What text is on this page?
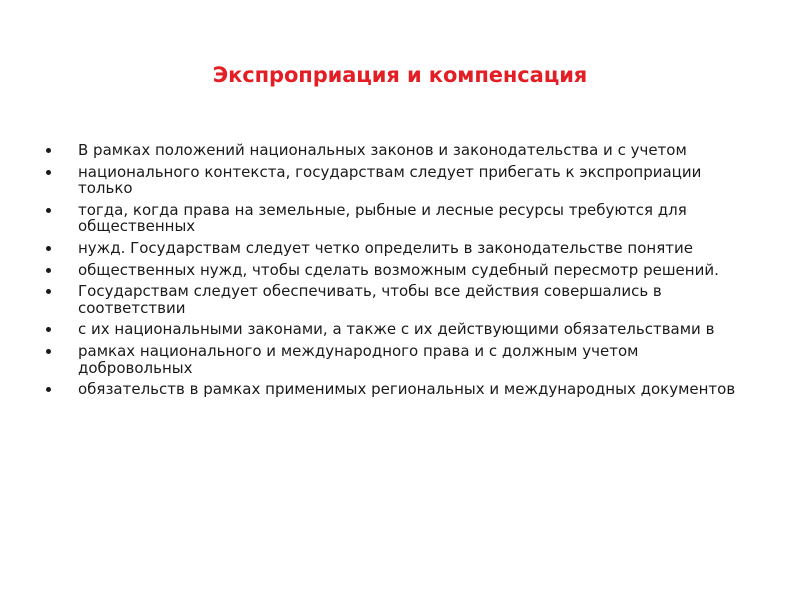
Экспроприация и компенсация
В рамках положений национальных законов и законодательства и с учетом
национального контекста, государствам следует прибегать к экспроприации только
тогда, когда права на земельные, рыбные и лесные ресурсы требуются для общественных
нужд. Государствам следует четко определить в законодательстве понятие
общественных нужд, чтобы сделать возможным судебный пересмотр решений.
Государствам следует обеспечивать, чтобы все действия совершались в соответствии
с их национальными законами, а также с их действующими обязательствами в
рамках национального и международного права и с должным учетом добровольных
обязательств в рамках применимых региональных и международных документов
